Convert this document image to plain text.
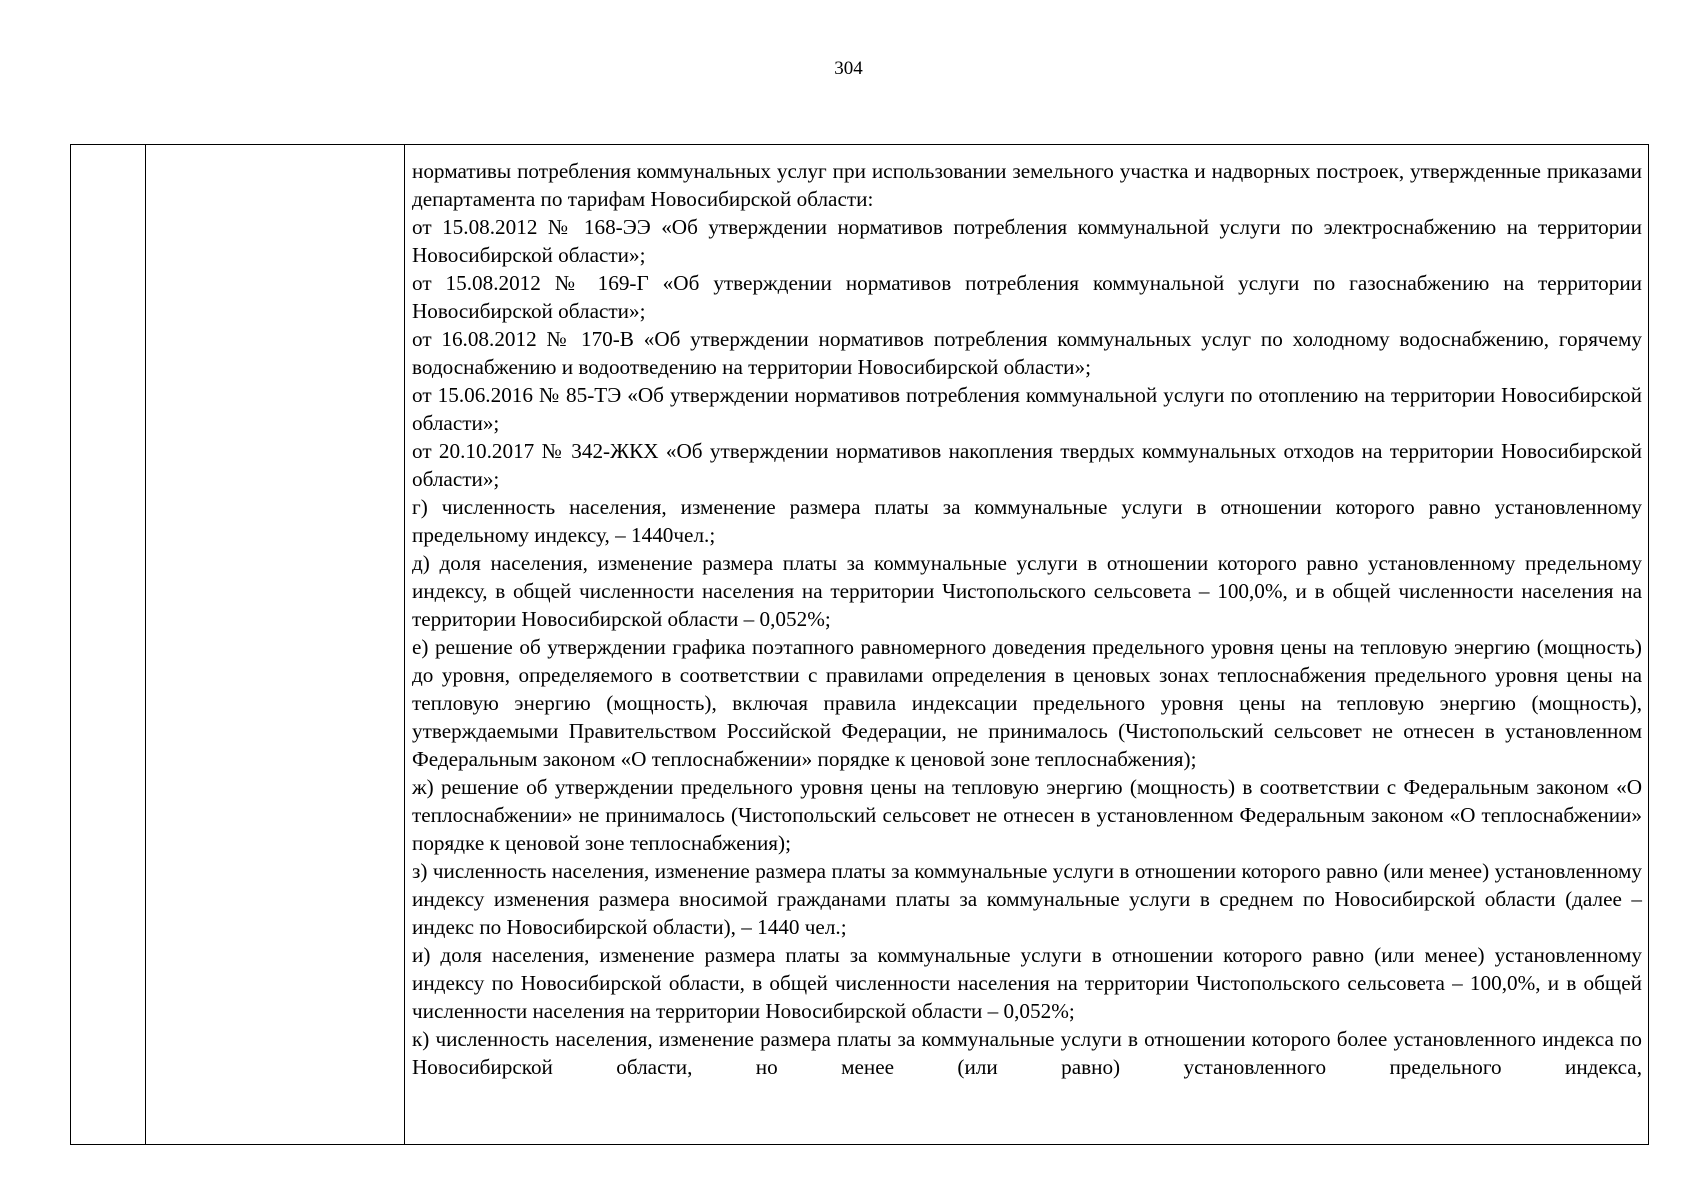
304

нормативы потребления коммунальных услуг при использовании земельного участка и надворных построек, утвержденные приказами департамента по тарифам Новосибирской области:

от 15.08.2012 № 168-ЭЭ «Об утверждении нормативов потребления коммунальной услуги по электроснабжению на территории Новосибирской области»;

от 15.08.2012 № 169-Г «Об утверждении нормативов потребления коммунальной услуги по газоснабжению на территории Новосибирской области»;

от 16.08.2012 № 170-В «Об утверждении нормативов потребления коммунальных услуг по холодному водоснабжению, горячему водоснабжению и водоотведению на территории Новосибирской области»;

от 15.06.2016 № 85-ТЭ «Об утверждении нормативов потребления коммунальной услуги по отоплению на территории Новосибирской области»;

от 20.10.2017 № 342-ЖКХ «Об утверждении нормативов накопления твердых коммунальных отходов на территории Новосибирской области»;

г) численность населения, изменение размера платы за коммунальные услуги в отношении которого равно установленному предельному индексу, – 1440чел.;

д) доля населения, изменение размера платы за коммунальные услуги в отношении которого равно установленному предельному индексу, в общей численности населения на территории Чистопольского сельсовета – 100,0%, и в общей численности населения на территории Новосибирской области – 0,052%;

е) решение об утверждении графика поэтапного равномерного доведения предельного уровня цены на тепловую энергию (мощность) до уровня, определяемого в соответствии с правилами определения в ценовых зонах теплоснабжения предельного уровня цены на тепловую энергию (мощность), включая правила индексации предельного уровня цены на тепловую энергию (мощность), утверждаемыми Правительством Российской Федерации, не принималось (Чистопольский сельсовет не отнесен в установленном Федеральным законом «О теплоснабжении» порядке к ценовой зоне теплоснабжения);

ж) решение об утверждении предельного уровня цены на тепловую энергию (мощность) в соответствии с Федеральным законом «О теплоснабжении» не принималось (Чистопольский сельсовет не отнесен в установленном Федеральным законом «О теплоснабжении» порядке к ценовой зоне теплоснабжения);

з) численность населения, изменение размера платы за коммунальные услуги в отношении которого равно (или менее) установленному индексу изменения размера вносимой гражданами платы за коммунальные услуги в среднем по Новосибирской области (далее – индекс по Новосибирской области), – 1440 чел.;

и) доля населения, изменение размера платы за коммунальные услуги в отношении которого равно (или менее) установленному индексу по Новосибирской области, в общей численности населения на территории Чистопольского сельсовета – 100,0%, и в общей численности населения на территории Новосибирской области – 0,052%;

к) численность населения, изменение размера платы за коммунальные услуги в отношении которого более установленного индекса по Новосибирской области, но менее (или равно) установленного предельного индекса,
